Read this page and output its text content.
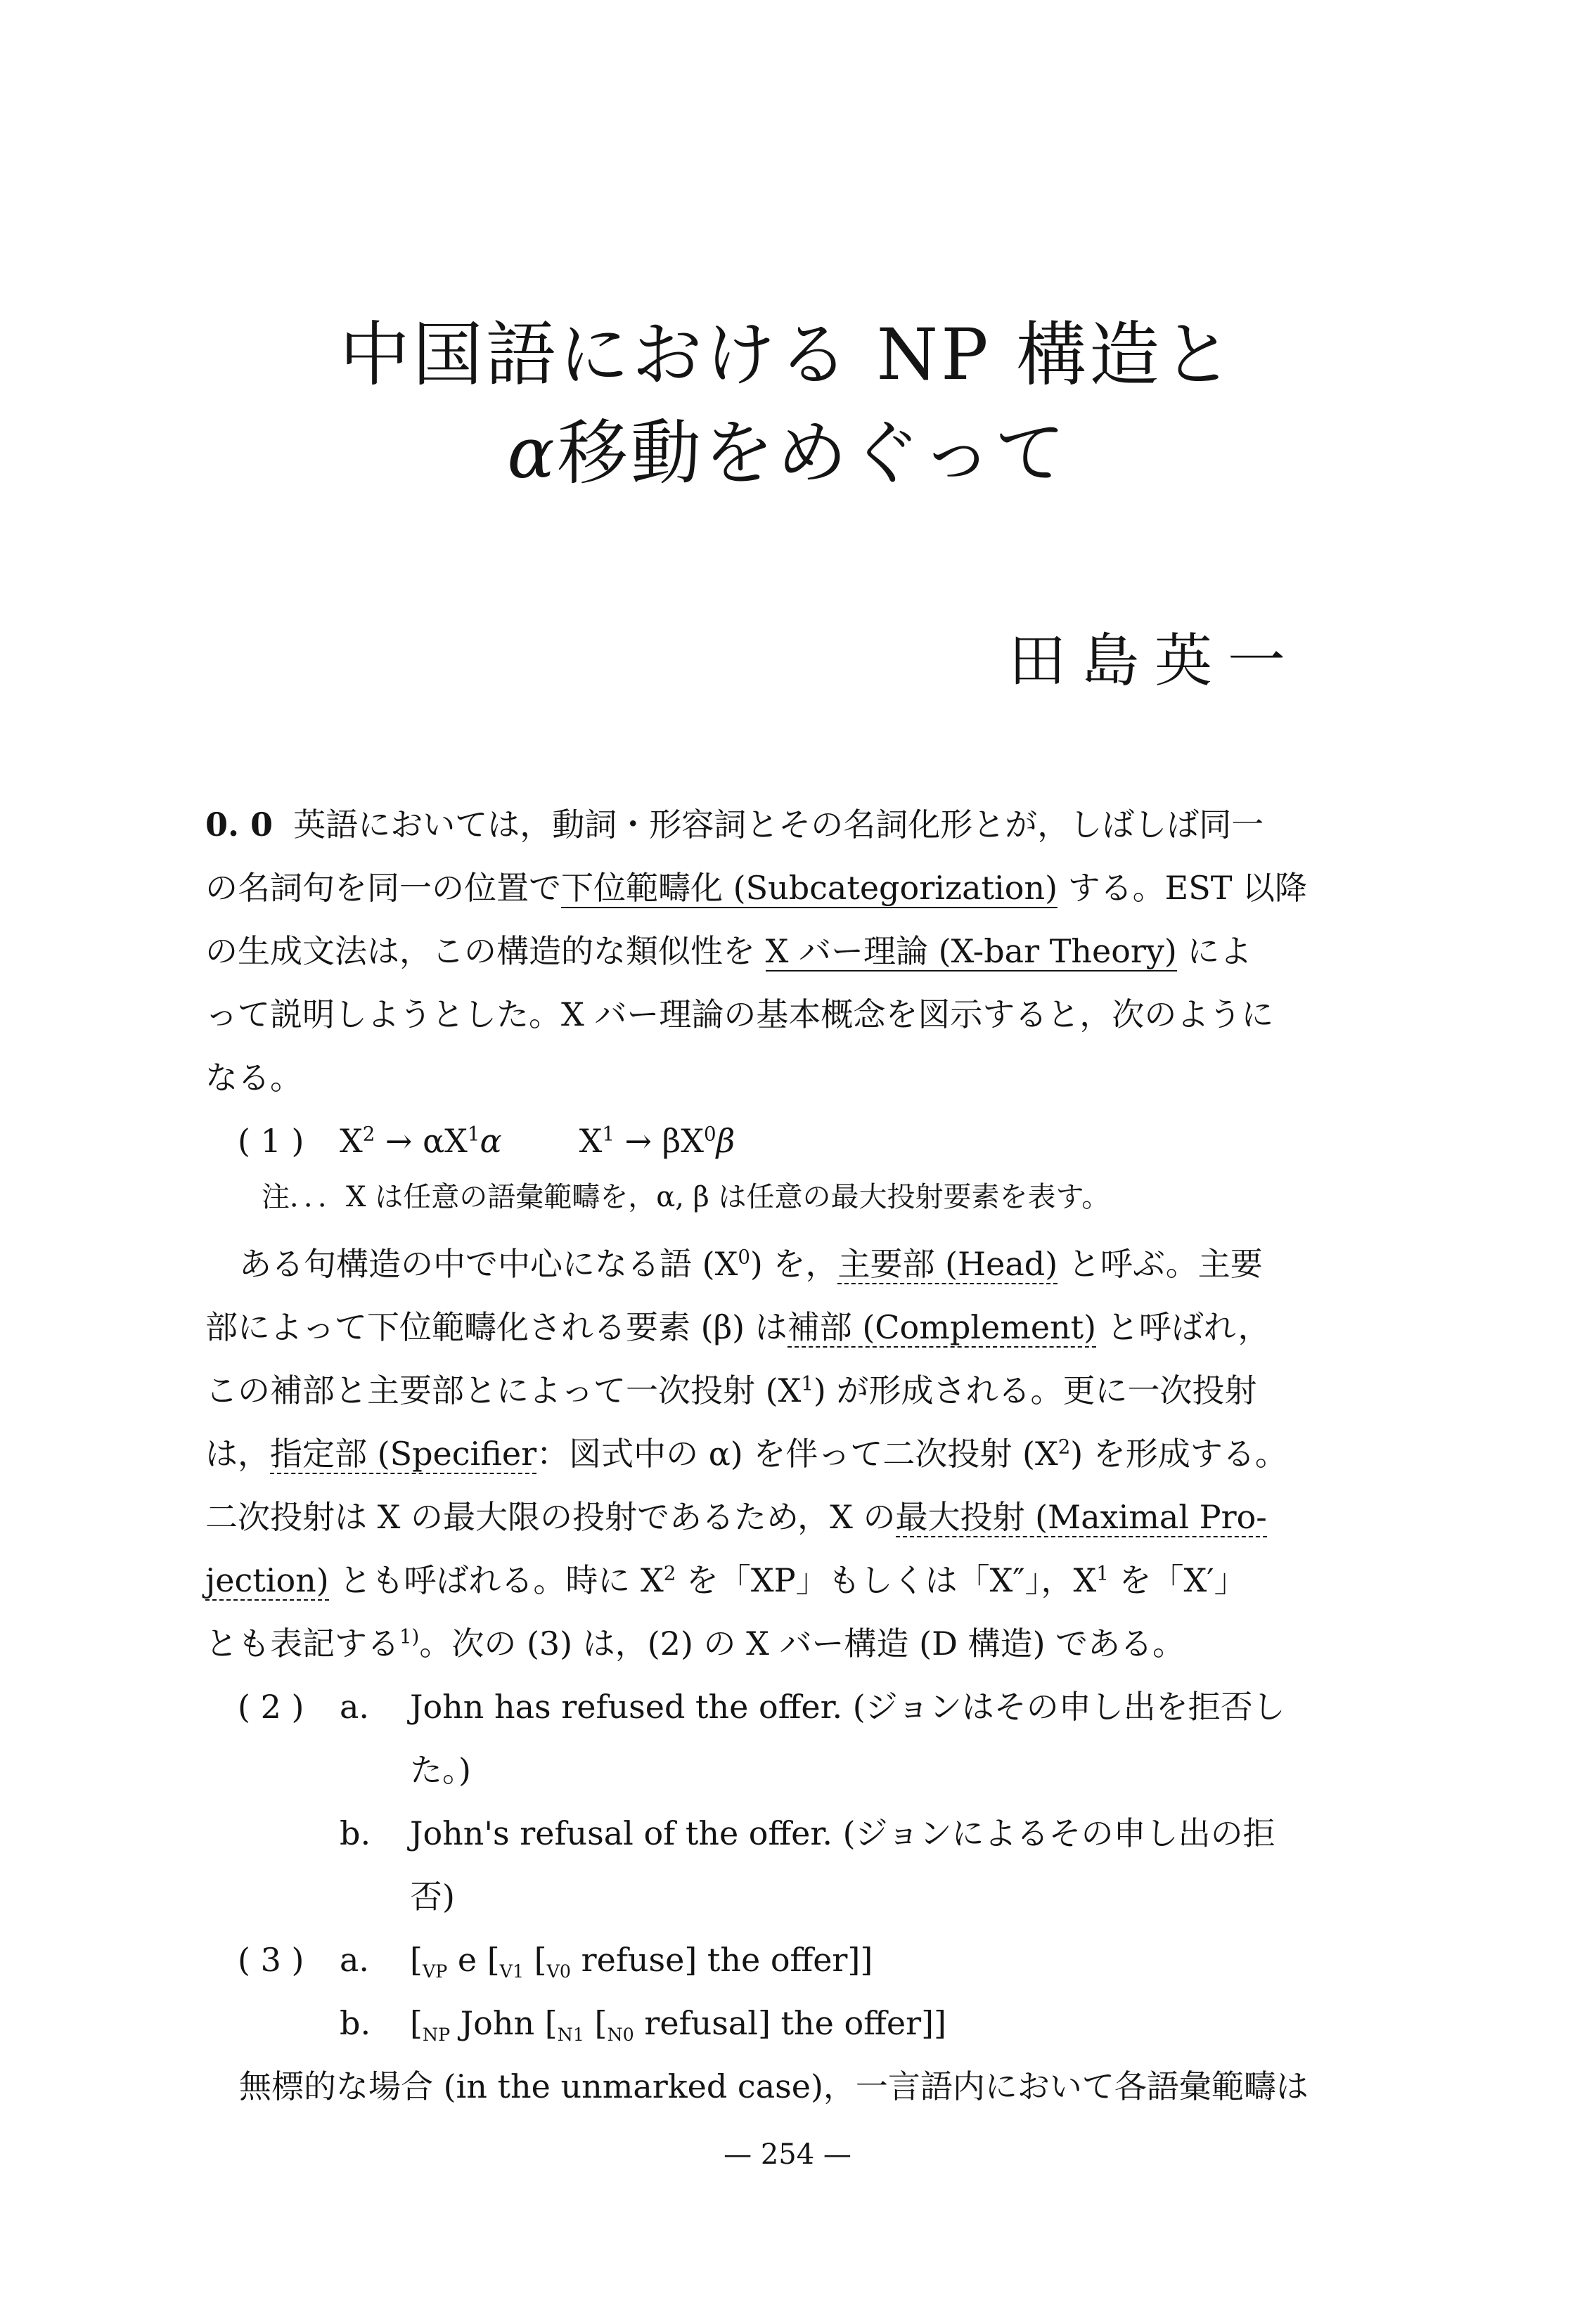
中国語における NP 構造と
α移動をめぐって
田島英一
0. 0 英語においては，動詞・形容詞とその名詞化形とが，しばしば同一
の名詞句を同一の位置で下位範疇化 (Subcategorization) する。EST 以降
の生成文法は，この構造的な類似性を X バー理論 (X-bar Theory) によ
って説明しようとした。X バー理論の基本概念を図示すると，次のように
なる。
( 1 ) $X^2 \to \alpha X^1\alpha$ $X^1 \to \beta X^0\beta$
注．．．X は任意の語彙範疇を，α, β は任意の最大投射要素を表す。
ある句構造の中で中心になる語 $(X^0)$ を，主要部 (Head) と呼ぶ。主要
部によって下位範疇化される要素 (β) は補部 (Complement) と呼ばれ，
この補部と主要部とによって一次投射 $(X^1)$ が形成される。更に一次投射
は，指定部 (Specifier：図式中の α) を伴って二次投射 $(X^2)$ を形成する。
二次投射は X の最大限の投射であるため，X の最大投射 (Maximal Pro-
jection) とも呼ばれる。時に $X^2$ を「XP」もしくは「X″」，$X^1$ を「X′」
とも表記する$^{1)}$。次の (3) は，(2) の X バー構造 (D 構造) である。
( 2 ) a. John has refused the offer. (ジョンはその申し出を拒否し
た。)
b. John's refusal of the offer. (ジョンによるその申し出の拒
否)
( 3 ) a. [$_{VP}$ e [$_{V1}$ [$_{V0}$ refuse] the offer]]
b. [$_{NP}$ John [$_{N1}$ [$_{N0}$ refusal] the offer]]
無標的な場合 (in the unmarked case)，一言語内において各語彙範疇は
— 254 —
